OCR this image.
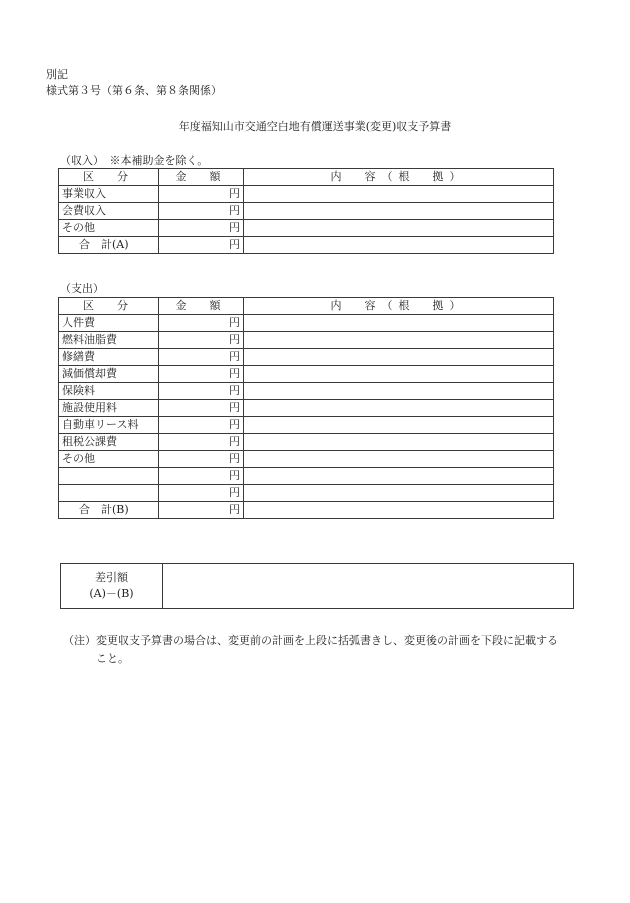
別記
様式第３号（第６条、第８条関係）
年度福知山市交通空白地有償運送事業(変更)収支予算書
（収入）　※本補助金を除く。
区　分	金　額	内　容（根　拠）
事業収入	円	
会費収入	円	
その他	円	
合　計(A)	円	
（支出）
区　分	金　額	内　容（根　拠）
人件費	円	
燃料油脂費	円	
修繕費	円	
減価償却費	円	
保険料	円	
施設使用料	円	
自動車リース料	円	
租税公課費	円	
その他	円	
	円	
	円	
合　計(B)	円	
差引額
(A)－(B)
（注）変更収支予算書の場合は、変更前の計画を上段に括弧書きし、変更後の計画を下段に記載する
こと。
